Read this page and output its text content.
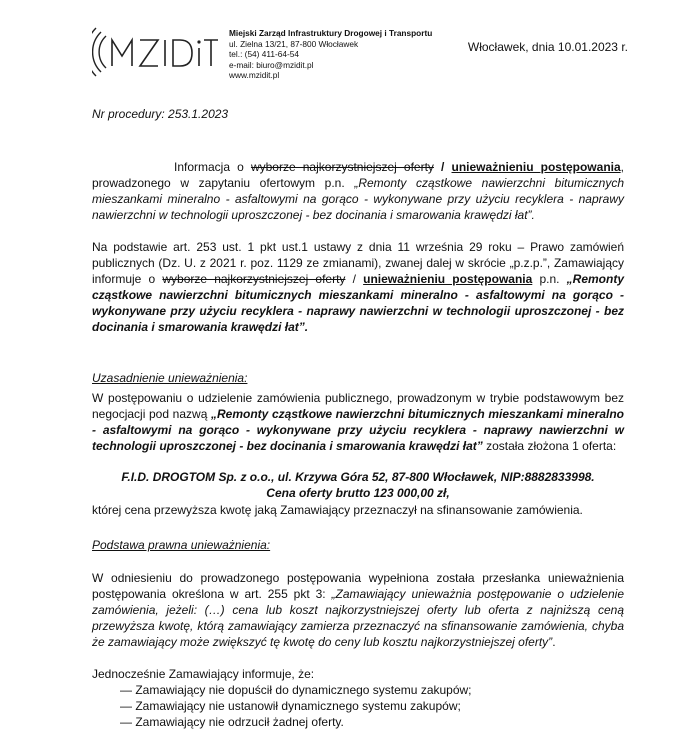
Miejski Zarząd Infrastruktury Drogowej i Transportu
ul. Zielna 13/21, 87-800 Włocławek
tel.: (54) 411-64-54
e-mail: biuro@mzidit.pl
www.mzidit.pl
Włocławek, dnia 10.01.2023 r.
Nr procedury: 253.1.2023
Informacja o wyborze najkorzystniejszej oferty / unieważnieniu postępowania, prowadzonego w zapytaniu ofertowym p.n. „Remonty cząstkowe nawierzchni bitumicznych mieszankami mineralno - asfaltowymi na gorąco - wykonywane przy użyciu recyklera - naprawy nawierzchni w technologii uproszczonej - bez docinania i smarowania krawędzi łat”.
Na podstawie art. 253 ust. 1 pkt ust.1 ustawy z dnia 11 września 29 roku – Prawo zamówień publicznych (Dz. U. z 2021 r. poz. 1129 ze zmianami), zwanej dalej w skrócie „p.z.p.”, Zamawiający informuje o wyborze najkorzystniejszej oferty / unieważnieniu postępowania p.n. „Remonty cząstkowe nawierzchni bitumicznych mieszankami mineralno - asfaltowymi na gorąco - wykonywane przy użyciu recyklera - naprawy nawierzchni w technologii uproszczonej - bez docinania i smarowania krawędzi łat”.
Uzasadnienie unieważnienia:
W postępowaniu o udzielenie zamówienia publicznego, prowadzonym w trybie podstawowym bez negocjacji pod nazwą „Remonty cząstkowe nawierzchni bitumicznych mieszankami mineralno - asfaltowymi na gorąco - wykonywane przy użyciu recyklera - naprawy nawierzchni w technologii uproszczonej - bez docinania i smarowania krawędzi łat” została złożona 1 oferta:
F.I.D. DROGTOM Sp. z o.o., ul. Krzywa Góra 52, 87-800 Włocławek, NIP:8882833998.
Cena oferty brutto 123 000,00 zł,
której cena przewyższa kwotę jaką Zamawiający przeznaczył na sfinansowanie zamówienia.
Podstawa prawna unieważnienia:
W odniesieniu do prowadzonego postępowania wypełniona została przesłanka unieważnienia postępowania określona w art. 255 pkt 3: „Zamawiający unieważnia postępowanie o udzielenie zamówienia, jeżeli: (…) cena lub koszt najkorzystniejszej oferty lub oferta z najniższą ceną przewyższa kwotę, którą zamawiający zamierza przeznaczyć na sfinansowanie zamówienia, chyba że zamawiający może zwiększyć tę kwotę do ceny lub kosztu najkorzystniejszej oferty”.
Jednocześnie Zamawiający informuje, że:
— Zamawiający nie dopuścił do dynamicznego systemu zakupów;
— Zamawiający nie ustanowił dynamicznego systemu zakupów;
— Zamawiający nie odrzucił żadnej oferty.
